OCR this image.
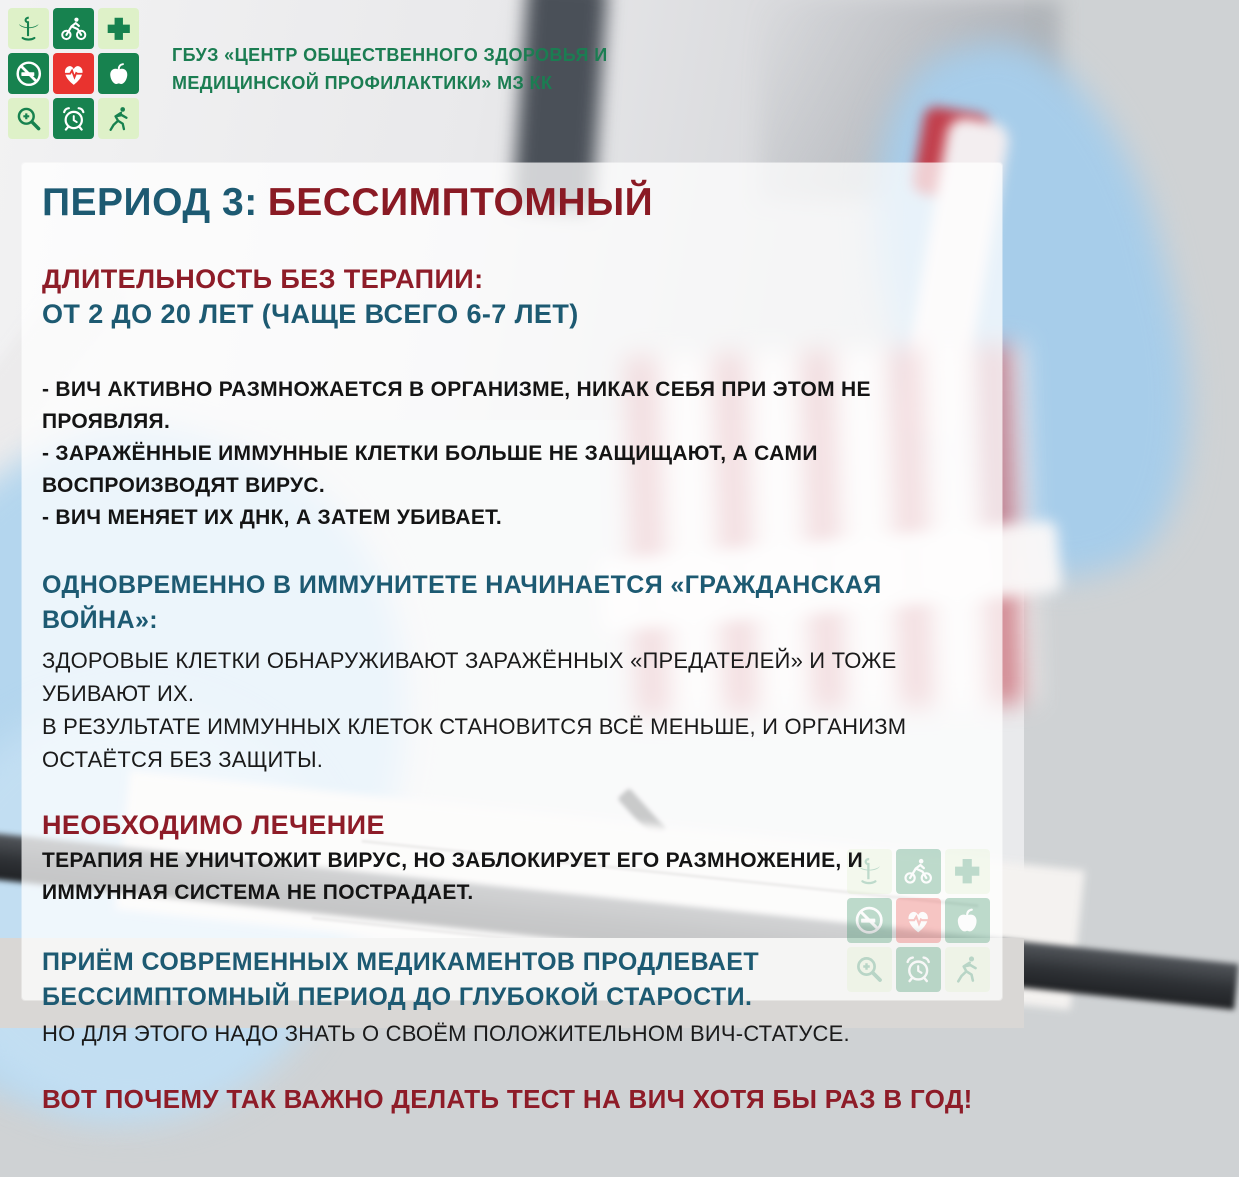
ГБУЗ «ЦЕНТР ОБЩЕСТВЕННОГО ЗДОРОВЬЯ И
МЕДИЦИНСКОЙ ПРОФИЛАКТИКИ» МЗ КК
ПЕРИОД 3: БЕССИМПТОМНЫЙ
ДЛИТЕЛЬНОСТЬ БЕЗ ТЕРАПИИ:
ОТ 2 ДО 20 ЛЕТ (ЧАЩЕ ВСЕГО 6-7 ЛЕТ)
- ВИЧ АКТИВНО РАЗМНОЖАЕТСЯ В ОРГАНИЗМЕ, НИКАК СЕБЯ ПРИ ЭТОМ НЕ ПРОЯВЛЯЯ.
- ЗАРАЖЁННЫЕ ИММУННЫЕ КЛЕТКИ БОЛЬШЕ НЕ ЗАЩИЩАЮТ, А САМИ ВОСПРОИЗВОДЯТ ВИРУС.
- ВИЧ МЕНЯЕТ ИХ ДНК, А ЗАТЕМ УБИВАЕТ.
ОДНОВРЕМЕННО В ИММУНИТЕТЕ НАЧИНАЕТСЯ «ГРАЖДАНСКАЯ ВОЙНА»:
ЗДОРОВЫЕ КЛЕТКИ ОБНАРУЖИВАЮТ ЗАРАЖЁННЫХ «ПРЕДАТЕЛЕЙ» И ТОЖЕ УБИВАЮТ ИХ.
В РЕЗУЛЬТАТЕ ИММУННЫХ КЛЕТОК СТАНОВИТСЯ ВСЁ МЕНЬШЕ, И ОРГАНИЗМ ОСТАЁТСЯ БЕЗ ЗАЩИТЫ.
НЕОБХОДИМО ЛЕЧЕНИЕ
ТЕРАПИЯ НЕ УНИЧТОЖИТ ВИРУС, НО ЗАБЛОКИРУЕТ ЕГО РАЗМНОЖЕНИЕ, И ИММУННАЯ СИСТЕМА НЕ ПОСТРАДАЕТ.
ПРИЁМ СОВРЕМЕННЫХ МЕДИКАМЕНТОВ ПРОДЛЕВАЕТ БЕССИМПТОМНЫЙ ПЕРИОД ДО ГЛУБОКОЙ СТАРОСТИ.
НО ДЛЯ ЭТОГО НАДО ЗНАТЬ О СВОЁМ ПОЛОЖИТЕЛЬНОМ ВИЧ-СТАТУСЕ.
ВОТ ПОЧЕМУ ТАК ВАЖНО ДЕЛАТЬ ТЕСТ НА ВИЧ ХОТЯ БЫ РАЗ В ГОД!
